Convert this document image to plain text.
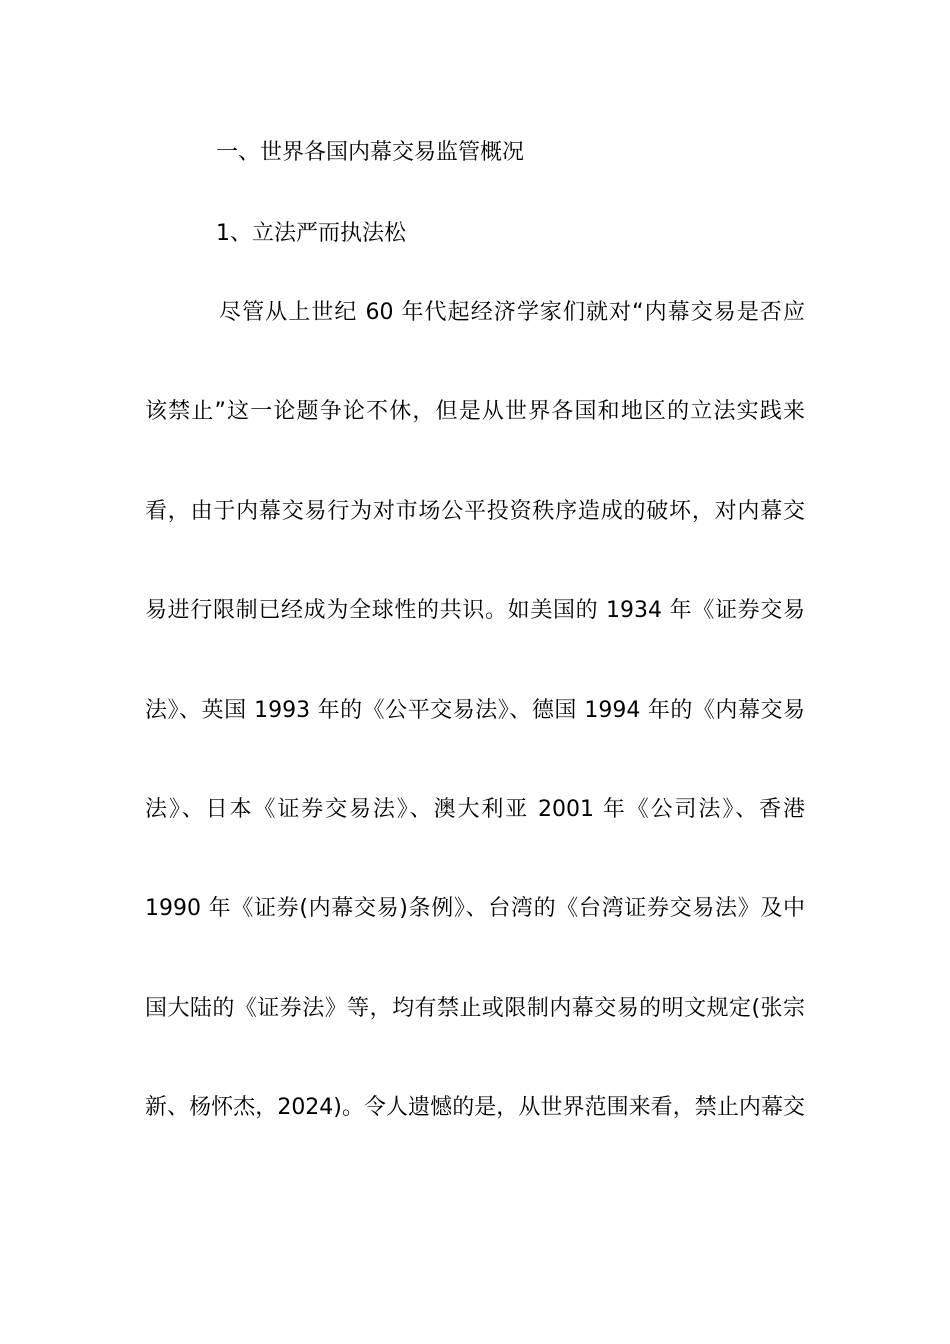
一、世界各国内幕交易监管概况

1、立法严而执法松

尽管从上世纪 60 年代起经济学家们就对“内幕交易是否应

该禁止”这一论题争论不休，但是从世界各国和地区的立法实践来

看，由于内幕交易行为对市场公平投资秩序造成的破坏，对内幕交

易进行限制已经成为全球性的共识。如美国的 1934 年《证券交易

法》、英国 1993 年的《公平交易法》、德国 1994 年的《内幕交易

法》、日本《证券交易法》、澳大利亚 2001 年《公司法》、香港

1990 年《证券(内幕交易)条例》、台湾的《台湾证券交易法》及中

国大陆的《证券法》等，均有禁止或限制内幕交易的明文规定(张宗

新、杨怀杰，2024)。令人遗憾的是，从世界范围来看，禁止内幕交
